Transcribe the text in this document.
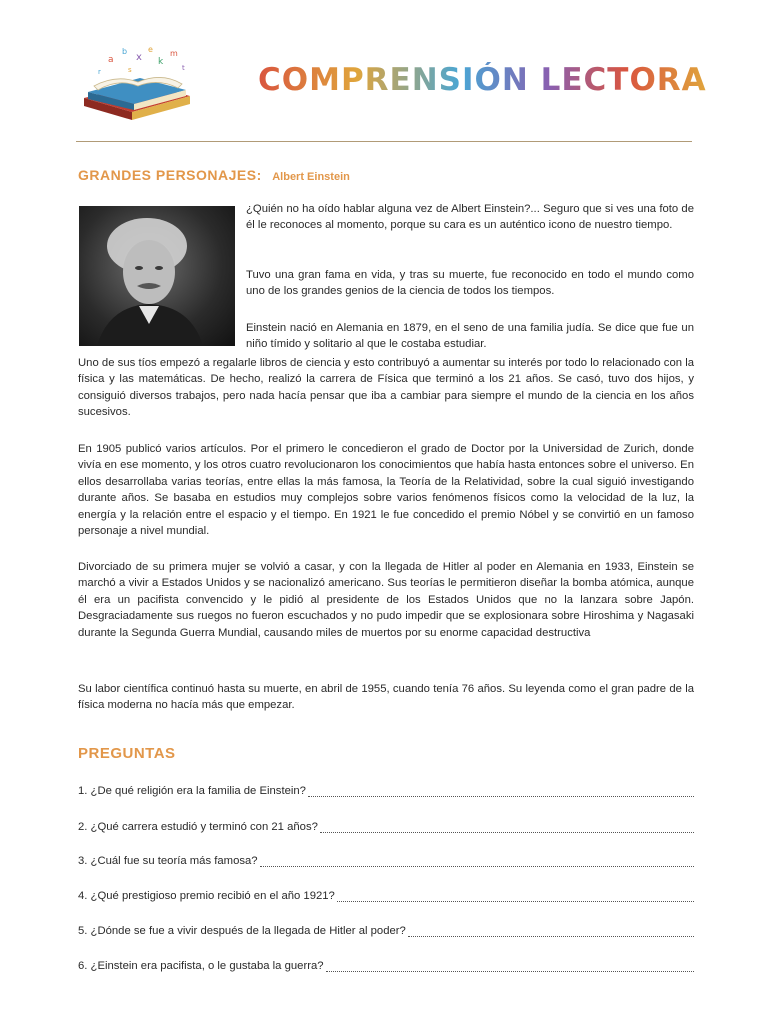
a
b
x
e
k
m
r	s	t COMPRENSIÓN LECTORA
GRANDES PERSONAJES: Albert Einstein

¿Quién no ha oído hablar alguna vez de Albert Einstein?... Seguro que si ves una foto de él le reconoces al momento, porque su cara es un auténtico icono de nuestro tiempo.

Tuvo una gran fama en vida, y tras su muerte, fue reconocido en todo el mundo como uno de los grandes genios de la ciencia de todos los tiempos.

Einstein nació en Alemania en 1879, en el seno de una familia judía. Se dice que fue un niño tímido y solitario al que le costaba estudiar.

Uno de sus tíos empezó a regalarle libros de ciencia y esto contribuyó a aumentar su interés por todo lo relacionado con la física y las matemáticas. De hecho, realizó la carrera de Física que terminó a los 21 años. Se casó, tuvo dos hijos, y consiguió diversos trabajos, pero nada hacía pensar que iba a cambiar para siempre el mundo de la ciencia en los años sucesivos.

En 1905 publicó varios artículos. Por el primero le concedieron el grado de Doctor por la Universidad de Zurich, donde vivía en ese momento, y los otros cuatro revolucionaron los conocimientos que había hasta entonces sobre el universo. En ellos desarrollaba varias teorías, entre ellas la más famosa, la Teoría de la Relatividad, sobre la cual siguió investigando durante años. Se basaba en estudios muy complejos sobre varios fenómenos físicos como la velocidad de la luz, la energía y la relación entre el espacio y el tiempo. En 1921 le fue concedido el premio Nóbel y se convirtió en un famoso personaje a nivel mundial.

Divorciado de su primera mujer se volvió a casar, y con la llegada de Hitler al poder en Alemania en 1933, Einstein se marchó a vivir a Estados Unidos y se nacionalizó americano. Sus teorías le permitieron diseñar la bomba atómica, aunque él era un pacifista convencido y le pidió al presidente de los Estados Unidos que no la lanzara sobre Japón. Desgraciadamente sus ruegos no fueron escuchados y no pudo impedir que se explosionara sobre Hiroshima y Nagasaki durante la Segunda Guerra Mundial, causando miles de muertos por su enorme capacidad destructiva

Su labor científica continuó hasta su muerte, en abril de 1955, cuando tenía 76 años. Su leyenda como el gran padre de la física moderna no hacía más que empezar.

PREGUNTAS
1. ¿De qué religión era la familia de Einstein?
2. ¿Qué carrera estudió y terminó con 21 años?
3. ¿Cuál fue su teoría más famosa?
4. ¿Qué prestigioso premio recibió en el año 1921?
5. ¿Dónde se fue a vivir después de la llegada de Hitler al poder?
6. ¿Einstein era pacifista, o le gustaba la guerra?
